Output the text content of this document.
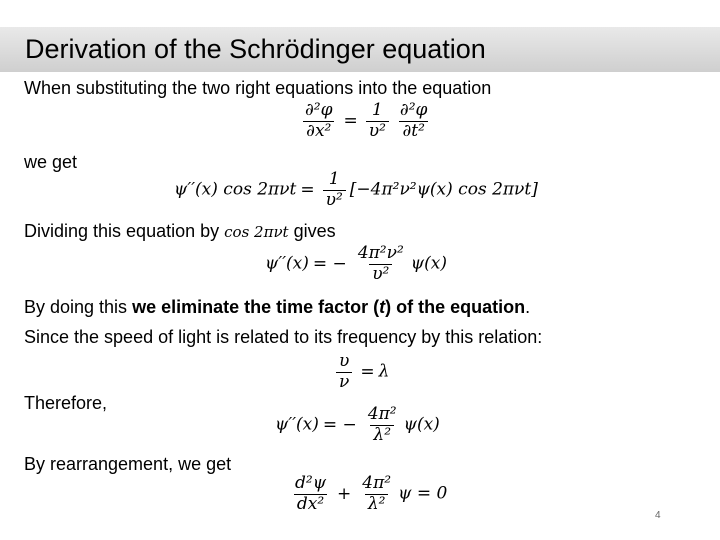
Derivation of the Schrödinger equation
When substituting the two right equations into the equation
$\frac{\text{∂²φ}}{\text{∂x²}} = \frac{1}{\text{υ²}} \frac{\text{∂²φ}}{\text{∂t²}}$
we get
ψ′′(x) $\cos 2\pi\nu t = \frac{1}{\text{υ²}} [-4\pi^2\nu^2\psi(x)$ cos 2πνt]
Dividing this equation by cos 2πνt gives
ψ′′(x) = − $\frac{\text{4π²ν²}}{\text{υ²}} \psi(x)$
By doing this we eliminate the time factor (t) of the equation.
Since the speed of light is related to its frequency by this relation:
$\frac{\upsilon}{\nu} = \lambda$
Therefore,
ψ′′(x) = − $\frac{\text{4π²}}{\text{λ²}} \psi(x)$
By rearrangement, we get
$\frac{\text{d²ψ}}{\text{dx²}} + \frac{\text{4π²}}{\text{λ²}}$ ψ = 0
4
